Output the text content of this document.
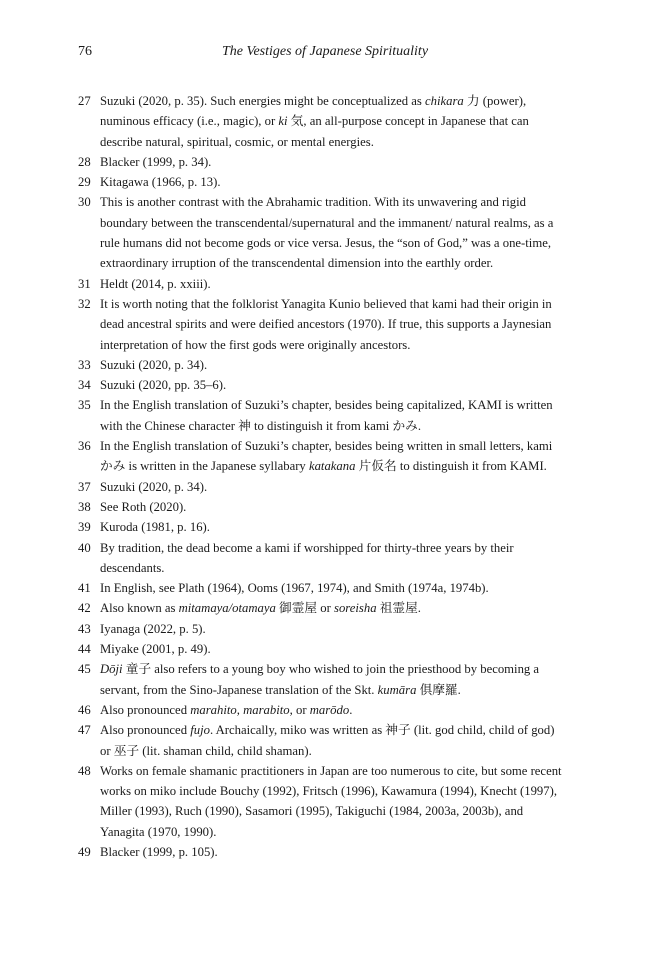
76	The Vestiges of Japanese Spirituality
27 Suzuki (2020, p. 35). Such energies might be conceptualized as chikara 力 (power), numinous efficacy (i.e., magic), or ki 気, an all-purpose concept in Japanese that can describe natural, spiritual, cosmic, or mental energies.
28 Blacker (1999, p. 34).
29 Kitagawa (1966, p. 13).
30 This is another contrast with the Abrahamic tradition. With its unwavering and rigid boundary between the transcendental/supernatural and the immanent/ natural realms, as a rule humans did not become gods or vice versa. Jesus, the “son of God,” was a one-time, extraordinary irruption of the transcendental dimension into the earthly order.
31 Heldt (2014, p. xxiii).
32 It is worth noting that the folklorist Yanagita Kunio believed that kami had their origin in dead ancestral spirits and were deified ancestors (1970). If true, this supports a Jaynesian interpretation of how the first gods were originally ancestors.
33 Suzuki (2020, p. 34).
34 Suzuki (2020, pp. 35–6).
35 In the English translation of Suzuki’s chapter, besides being capitalized, KAMI is written with the Chinese character 神 to distinguish it from kami かみ.
36 In the English translation of Suzuki’s chapter, besides being written in small letters, kami かみ is written in the Japanese syllabary katakana 片仮名 to distinguish it from KAMI.
37 Suzuki (2020, p. 34).
38 See Roth (2020).
39 Kuroda (1981, p. 16).
40 By tradition, the dead become a kami if worshipped for thirty-three years by their descendants.
41 In English, see Plath (1964), Ooms (1967, 1974), and Smith (1974a, 1974b).
42 Also known as mitamaya/otamaya 御霊屋 or soreisha 祖霊屋.
43 Iyanaga (2022, p. 5).
44 Miyake (2001, p. 49).
45 Dōji 童子 also refers to a young boy who wished to join the priesthood by becoming a servant, from the Sino-Japanese translation of the Skt. kumāra 俱摩羅.
46 Also pronounced marahito, marabito, or marōdo.
47 Also pronounced fujo. Archaically, miko was written as 神子 (lit. god child, child of god) or 巫子 (lit. shaman child, child shaman).
48 Works on female shamanic practitioners in Japan are too numerous to cite, but some recent works on miko include Bouchy (1992), Fritsch (1996), Kawamura (1994), Knecht (1997), Miller (1993), Ruch (1990), Sasamori (1995), Takiguchi (1984, 2003a, 2003b), and Yanagita (1970, 1990).
49 Blacker (1999, p. 105).
